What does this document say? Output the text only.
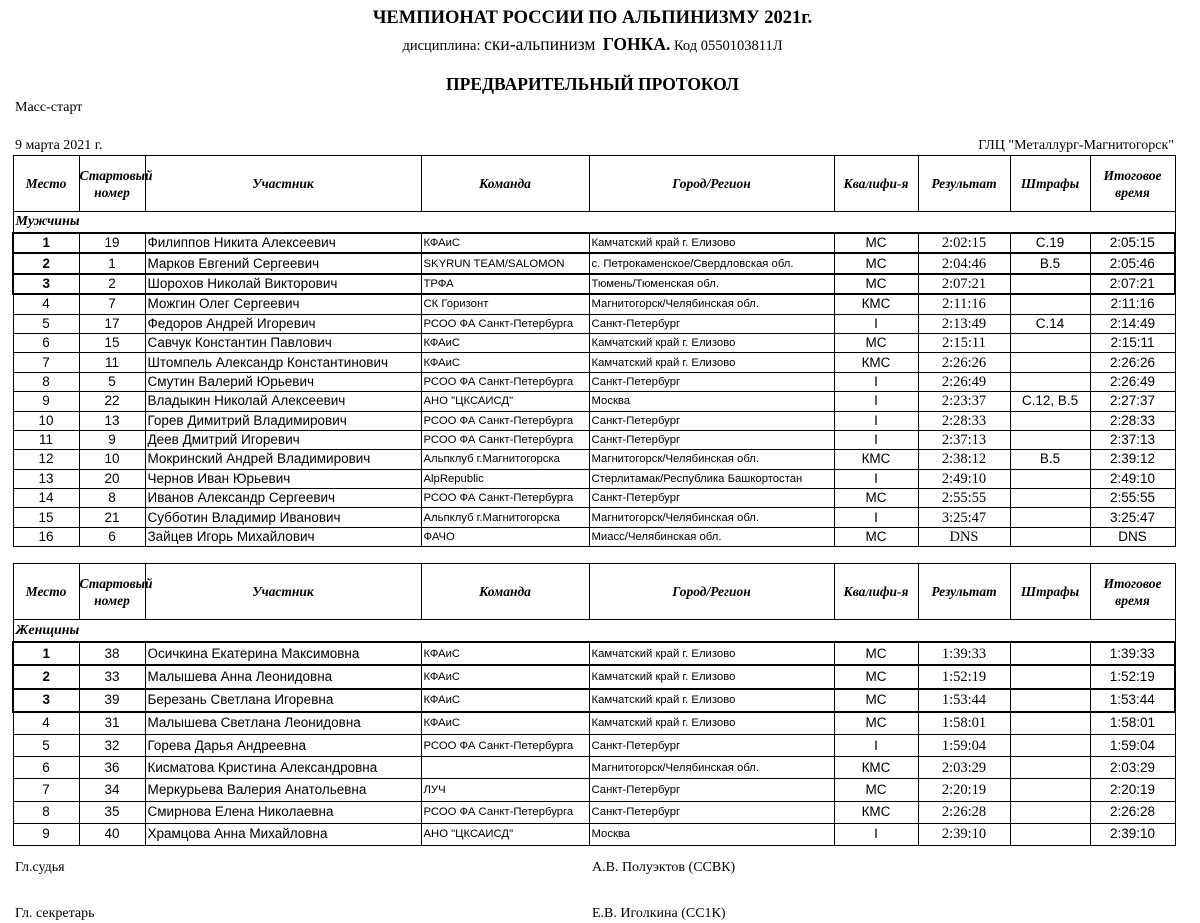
ЧЕМПИОНАТ РОССИИ ПО АЛЬПИНИЗМУ 2021г.
дисциплина: ски-альпинизм ГОНКА. Код 0550103811Л
ПРЕДВАРИТЕЛЬНЫЙ ПРОТОКОЛ
Масс-старт
9 марта 2021 г.	ГЛЦ "Металлург-Магнитогорск"
Место	Стартовый номер	Участник	Команда	Город/Регион	Квалифи-я	Результат	Штрафы	Итоговое время
Мужчины								
1	19	Филиппов Никита Алексеевич	КФАиС	Камчатский край г. Елизово	МС	2:02:15	С.19	2:05:15
2	1	Марков Евгений Сергеевич	SKYRUN TEAM/SALOMON	с. Петрокаменское/Свердловская обл.	МС	2:04:46	В.5	2:05:46
3	2	Шорохов Николай Викторович	ТРФА	Тюмень/Тюменская обл.	МС	2:07:21		2:07:21
4	7	Можгин Олег Сергеевич	СК Горизонт	Магнитогорск/Челябинская обл.	КМС	2:11:16		2:11:16
5	17	Федоров Андрей Игоревич	РСОО ФА Санкт-Петербурга	Санкт-Петербург	I	2:13:49	С.14	2:14:49
6	15	Савчук Константин Павлович	КФАиС	Камчатский край г. Елизово	МС	2:15:11		2:15:11
7	11	Штомпель Александр Константинович	КФАиС	Камчатский край г. Елизово	КМС	2:26:26		2:26:26
8	5	Смутин Валерий Юрьевич	РСОО ФА Санкт-Петербурга	Санкт-Петербург	I	2:26:49		2:26:49
9	22	Владыкин Николай Алексеевич	АНО "ЦКСАИСД"	Москва	I	2:23:37	С.12, В.5	2:27:37
10	13	Горев Димитрий Владимирович	РСОО ФА Санкт-Петербурга	Санкт-Петербург	I	2:28:33		2:28:33
11	9	Деев Дмитрий Игоревич	РСОО ФА Санкт-Петербурга	Санкт-Петербург	I	2:37:13		2:37:13
12	10	Мокринский Андрей Владимирович	Альпклуб г.Магнитогорска	Магнитогорск/Челябинская обл.	КМС	2:38:12	В.5	2:39:12
13	20	Чернов Иван Юрьевич	AlpRepublic	Стерлитамак/Республика Башкортостан	I	2:49:10		2:49:10
14	8	Иванов Александр Сергеевич	РСОО ФА Санкт-Петербурга	Санкт-Петербург	МС	2:55:55		2:55:55
15	21	Субботин Владимир Иванович	Альпклуб г.Магнитогорска	Магнитогорск/Челябинская обл.	I	3:25:47		3:25:47
16	6	Зайцев Игорь Михайлович	ФАЧО	Миасс/Челябинская обл.	МС	DNS		DNS
Место	Стартовый номер	Участник	Команда	Город/Регион	Квалифи-я	Результат	Штрафы	Итоговое время
Женщины								
1	38	Осичкина Екатерина Максимовна	КФАиС	Камчатский край г. Елизово	МС	1:39:33		1:39:33
2	33	Малышева Анна Леонидовна	КФАиС	Камчатский край г. Елизово	МС	1:52:19		1:52:19
3	39	Березань Светлана Игоревна	КФАиС	Камчатский край г. Елизово	МС	1:53:44		1:53:44
4	31	Малышева Светлана Леонидовна	КФАиС	Камчатский край г. Елизово	МС	1:58:01		1:58:01
5	32	Горева Дарья Андреевна	РСОО ФА Санкт-Петербурга	Санкт-Петербург	I	1:59:04		1:59:04
6	36	Кисматова Кристина Александровна		Магнитогорск/Челябинская обл.	КМС	2:03:29		2:03:29
7	34	Меркурьева Валерия Анатольевна	ЛУЧ	Санкт-Петербург	МС	2:20:19		2:20:19
8	35	Смирнова Елена Николаевна	РСОО ФА Санкт-Петербурга	Санкт-Петербург	КМС	2:26:28		2:26:28
9	40	Храмцова Анна Михайловна	АНО "ЦКСАИСД"	Москва	I	2:39:10		2:39:10
Гл.судья	А.В. Полуэктов (ССВК)
Гл. секретарь	Е.В. Иголкина (СС1К)
